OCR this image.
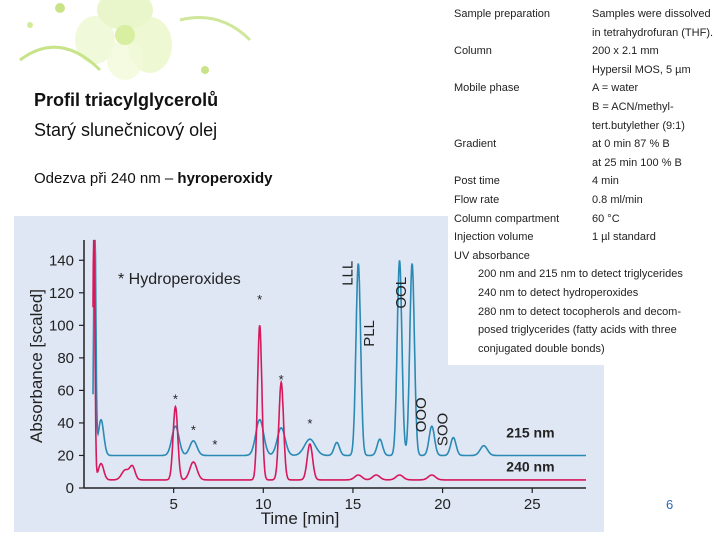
Profil triacylglycerolů
Starý slunečnicový olej
Odezva při 240 nm – hyroperoxidy
0
20
40
60
80
100
120
140
5	10	15	20	25
Time [min]
Absorbance [scaled]
* Hydroperoxides	LLL
PLL
OOL
OOO SOO
*
*
*
*
*
*
215 nm
240 nm
Sample preparation	Samples were dissolved
in tetrahydrofuran (THF).
Column	200 x 2.1 mm
Hypersil MOS, 5 µm
Mobile phase	A = water
B = ACN/methyl-
tert.butylether (9:1)
Gradient	at 0 min 87 % B
at 25 min 100 % B
Post time	4 min
Flow rate	0.8 ml/min
Column compartment	60 °C
Injection volume	1 µl standard
UV absorbance
200 nm and 215 nm to detect triglycerides
240 nm to detect hydroperoxides
280 nm to detect tocopherols and decom-
posed triglycerides (fatty acids with three
conjugated double bonds)
6
